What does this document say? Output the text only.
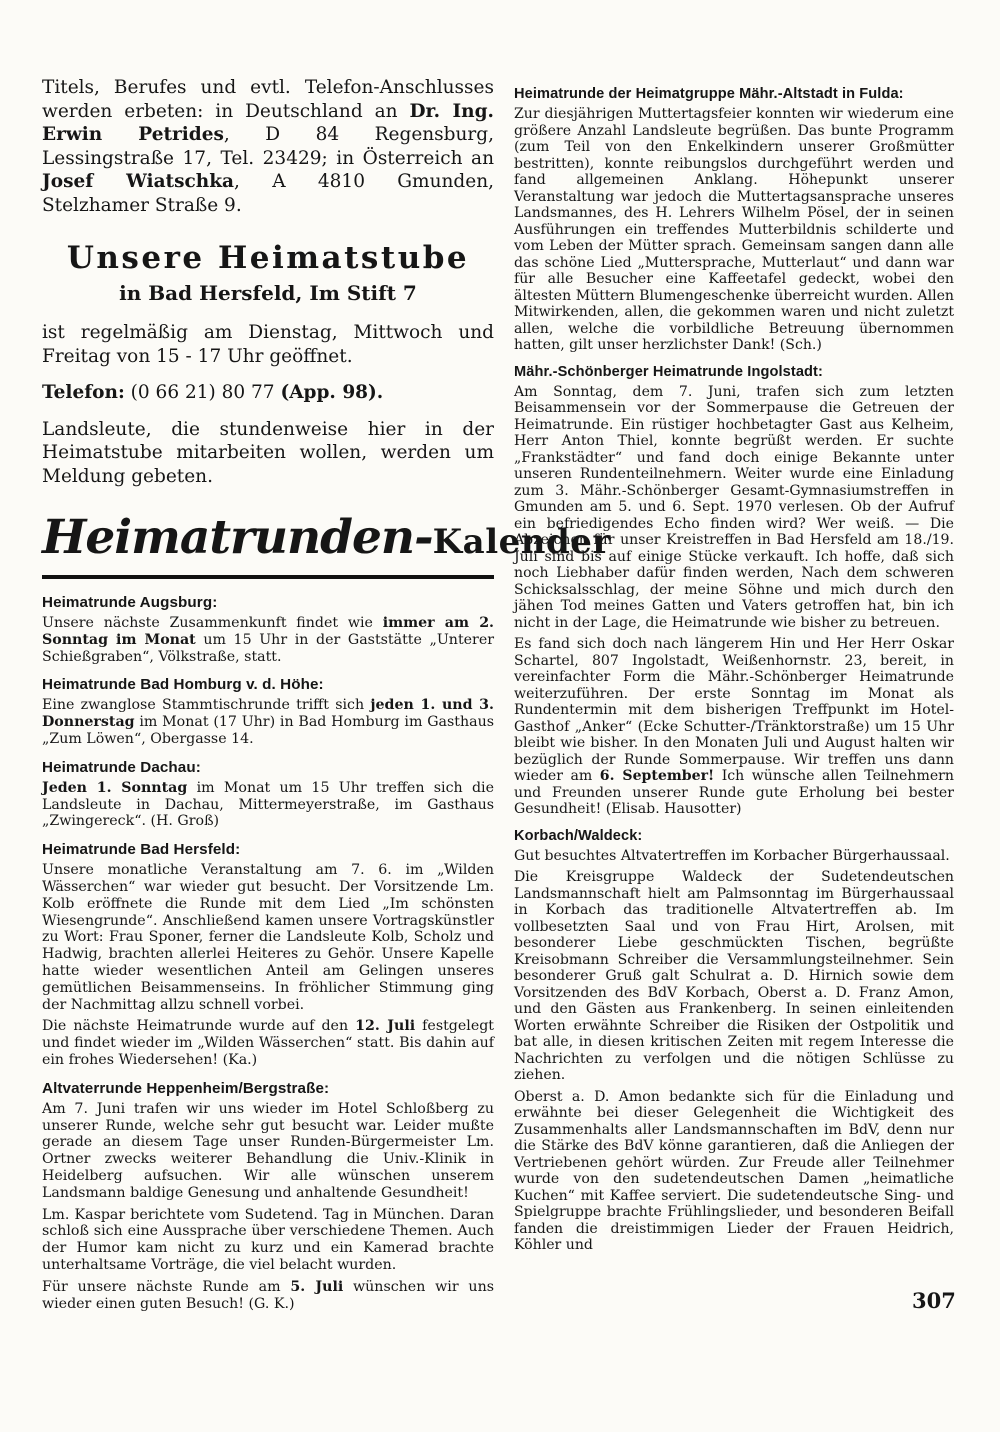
Titels, Berufes und evtl. Telefon-Anschlusses werden erbeten: in Deutschland an Dr. Ing. Erwin Petrides, D 84 Regensburg, Lessingstraße 17, Tel. 23429; in Österreich an Josef Wiatschka, A 4810 Gmunden, Stelzhamer Straße 9.

Unsere Heimatstube
in Bad Hersfeld, Im Stift 7

ist regelmäßig am Dienstag, Mittwoch und Freitag von 15 - 17 Uhr geöffnet.

Telefon: (0 66 21) 80 77 (App. 98).

Landsleute, die stundenweise hier in der Heimatstube mitarbeiten wollen, werden um Meldung gebeten.

Heimatrunden-Kalender
Heimatrunde Augsburg:

Unsere nächste Zusammenkunft findet wie immer am 2. Sonntag im Monat um 15 Uhr in der Gaststätte „Unterer Schießgraben“, Völkstraße, statt.

Heimatrunde Bad Homburg v. d. Höhe:

Eine zwanglose Stammtischrunde trifft sich jeden 1. und 3. Donnerstag im Monat (17 Uhr) in Bad Homburg im Gasthaus „Zum Löwen“, Obergasse 14.

Heimatrunde Dachau:

Jeden 1. Sonntag im Monat um 15 Uhr treffen sich die Landsleute in Dachau, Mittermeyerstraße, im Gasthaus „Zwingereck“. (H. Groß)

Heimatrunde Bad Hersfeld:

Unsere monatliche Veranstaltung am 7. 6. im „Wilden Wässerchen“ war wieder gut besucht. Der Vorsitzende Lm. Kolb eröffnete die Runde mit dem Lied „Im schönsten Wiesengrunde“. Anschließend kamen unsere Vortragskünstler zu Wort: Frau Sponer, ferner die Landsleute Kolb, Scholz und Hadwig, brachten allerlei Heiteres zu Gehör. Unsere Kapelle hatte wieder wesentlichen Anteil am Gelingen unseres gemütlichen Beisammenseins. In fröhlicher Stimmung ging der Nachmittag allzu schnell vorbei.

Die nächste Heimatrunde wurde auf den 12. Juli festgelegt und findet wieder im „Wilden Wässerchen“ statt. Bis dahin auf ein frohes Wiedersehen! (Ka.)

Altvaterrunde Heppenheim/Bergstraße:

Am 7. Juni trafen wir uns wieder im Hotel Schloßberg zu unserer Runde, welche sehr gut besucht war. Leider mußte gerade an diesem Tage unser Runden-Bürgermeister Lm. Ortner zwecks weiterer Behandlung die Univ.-Klinik in Heidelberg aufsuchen. Wir alle wünschen unserem Landsmann baldige Genesung und anhaltende Gesundheit!

Lm. Kaspar berichtete vom Sudetend. Tag in München. Daran schloß sich eine Aussprache über verschiedene Themen. Auch der Humor kam nicht zu kurz und ein Kamerad brachte unterhaltsame Vorträge, die viel belacht wurden.

Für unsere nächste Runde am 5. Juli wünschen wir uns wieder einen guten Besuch! (G. K.)

Heimatrunde der Heimatgruppe Mähr.-Altstadt in Fulda:

Zur diesjährigen Muttertagsfeier konnten wir wiederum eine größere Anzahl Landsleute begrüßen. Das bunte Programm (zum Teil von den Enkelkindern unserer Großmütter bestritten), konnte reibungslos durchgeführt werden und fand allgemeinen Anklang. Höhepunkt unserer Veranstaltung war jedoch die Muttertagsansprache unseres Landsmannes, des H. Lehrers Wilhelm Pösel, der in seinen Ausführungen ein treffendes Mutterbildnis schilderte und vom Leben der Mütter sprach. Gemeinsam sangen dann alle das schöne Lied „Muttersprache, Mutterlaut“ und dann war für alle Besucher eine Kaffeetafel gedeckt, wobei den ältesten Müttern Blumengeschenke überreicht wurden. Allen Mitwirkenden, allen, die gekommen waren und nicht zuletzt allen, welche die vorbildliche Betreuung übernommen hatten, gilt unser herzlichster Dank! (Sch.)

Mähr.-Schönberger Heimatrunde Ingolstadt:

Am Sonntag, dem 7. Juni, trafen sich zum letzten Beisammensein vor der Sommerpause die Getreuen der Heimatrunde. Ein rüstiger hochbetagter Gast aus Kelheim, Herr Anton Thiel, konnte begrüßt werden. Er suchte „Frankstädter“ und fand doch einige Bekannte unter unseren Rundenteilnehmern. Weiter wurde eine Einladung zum 3. Mähr.-Schönberger Gesamt-Gymnasiumstreffen in Gmunden am 5. und 6. Sept. 1970 verlesen. Ob der Aufruf ein befriedigendes Echo finden wird? Wer weiß. — Die Abzeichen für unser Kreistreffen in Bad Hersfeld am 18./19. Juli sind bis auf einige Stücke verkauft. Ich hoffe, daß sich noch Liebhaber dafür finden werden, Nach dem schweren Schicksalsschlag, der meine Söhne und mich durch den jähen Tod meines Gatten und Vaters getroffen hat, bin ich nicht in der Lage, die Heimatrunde wie bisher zu betreuen.

Es fand sich doch nach längerem Hin und Her Herr Oskar Schartel, 807 Ingolstadt, Weißenhornstr. 23, bereit, in vereinfachter Form die Mähr.-Schönberger Heimatrunde weiterzuführen. Der erste Sonntag im Monat als Rundentermin mit dem bisherigen Treffpunkt im Hotel-Gasthof „Anker“ (Ecke Schutter-/Tränktorstraße) um 15 Uhr bleibt wie bisher. In den Monaten Juli und August halten wir bezüglich der Runde Sommerpause. Wir treffen uns dann wieder am 6. September! Ich wünsche allen Teilnehmern und Freunden unserer Runde gute Erholung bei bester Gesundheit! (Elisab. Hausotter)

Korbach/Waldeck:

Gut besuchtes Altvatertreffen im Korbacher Bürgerhaussaal.

Die Kreisgruppe Waldeck der Sudetendeutschen Landsmannschaft hielt am Palmsonntag im Bürgerhaussaal in Korbach das traditionelle Altvatertreffen ab. Im vollbesetzten Saal und von Frau Hirt, Arolsen, mit besonderer Liebe geschmückten Tischen, begrüßte Kreisobmann Schreiber die Versammlungsteilnehmer. Sein besonderer Gruß galt Schulrat a. D. Hirnich sowie dem Vorsitzenden des BdV Korbach, Oberst a. D. Franz Amon, und den Gästen aus Frankenberg. In seinen einleitenden Worten erwähnte Schreiber die Risiken der Ostpolitik und bat alle, in diesen kritischen Zeiten mit regem Interesse die Nachrichten zu verfolgen und die nötigen Schlüsse zu ziehen.

Oberst a. D. Amon bedankte sich für die Einladung und erwähnte bei dieser Gelegenheit die Wichtigkeit des Zusammenhalts aller Landsmannschaften im BdV, denn nur die Stärke des BdV könne garantieren, daß die Anliegen der Vertriebenen gehört würden. Zur Freude aller Teilnehmer wurde von den sudetendeutschen Damen „heimatliche Kuchen“ mit Kaffee serviert. Die sudetendeutsche Sing- und Spielgruppe brachte Frühlingslieder, und besonderen Beifall fanden die dreistimmigen Lieder der Frauen Heidrich, Köhler und

307
